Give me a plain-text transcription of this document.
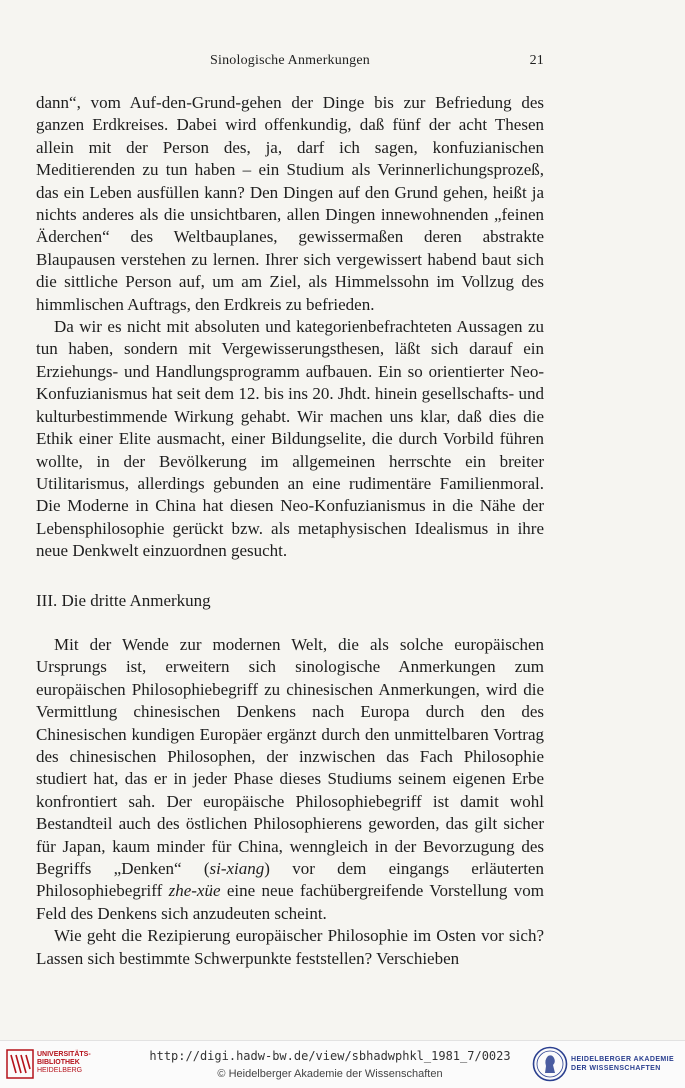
Sinologische Anmerkungen	21

dann“, vom Auf-den-Grund-gehen der Dinge bis zur Befriedung des ganzen Erdkreises. Dabei wird offenkundig, daß fünf der acht Thesen allein mit der Person des, ja, darf ich sagen, konfuzianischen Meditierenden zu tun haben – ein Studium als Verinnerlichungsprozeß, das ein Leben ausfüllen kann? Den Dingen auf den Grund gehen, heißt ja nichts anderes als die unsichtbaren, allen Dingen innewohnenden „feinen Äderchen“ des Weltbauplanes, gewissermaßen deren abstrakte Blaupausen verstehen zu lernen. Ihrer sich vergewissert habend baut sich die sittliche Person auf, um am Ziel, als Himmelssohn im Vollzug des himmlischen Auftrags, den Erdkreis zu befrieden.

Da wir es nicht mit absoluten und kategorienbefrachteten Aussagen zu tun haben, sondern mit Vergewisserungsthesen, läßt sich darauf ein Erziehungs- und Handlungsprogramm aufbauen. Ein so orientierter Neo-Konfuzianismus hat seit dem 12. bis ins 20. Jhdt. hinein gesellschafts- und kulturbestimmende Wirkung gehabt. Wir machen uns klar, daß dies die Ethik einer Elite ausmacht, einer Bildungselite, die durch Vorbild führen wollte, in der Bevölkerung im allgemeinen herrschte ein breiter Utilitarismus, allerdings gebunden an eine rudimentäre Familienmoral. Die Moderne in China hat diesen Neo-Konfuzianismus in die Nähe der Lebensphilosophie gerückt bzw. als metaphysischen Idealismus in ihre neue Denkwelt einzuordnen gesucht.

III. Die dritte Anmerkung

Mit der Wende zur modernen Welt, die als solche europäischen Ursprungs ist, erweitern sich sinologische Anmerkungen zum europäischen Philosophiebegriff zu chinesischen Anmerkungen, wird die Vermittlung chinesischen Denkens nach Europa durch den des Chinesischen kundigen Europäer ergänzt durch den unmittelbaren Vortrag des chinesischen Philosophen, der inzwischen das Fach Philosophie studiert hat, das er in jeder Phase dieses Studiums seinem eigenen Erbe konfrontiert sah. Der europäische Philosophiebegriff ist damit wohl Bestandteil auch des östlichen Philosophierens geworden, das gilt sicher für Japan, kaum minder für China, wenngleich in der Bevorzugung des Begriffs „Denken“ (si-xiang) vor dem eingangs erläuterten Philosophiebegriff zhe-xüe eine neue fachübergreifende Vorstellung vom Feld des Denkens sich anzudeuten scheint.

Wie geht die Rezipierung europäischer Philosophie im Osten vor sich? Lassen sich bestimmte Schwerpunkte feststellen? Verschieben

UNIVERSITÄTS-
BIBLIOTHEK
HEIDELBERG
http://digi.hadw-bw.de/view/sbhadwphkl_1981_7/0023
© Heidelberger Akademie der Wissenschaften
HEIDELBERGER AKADEMIE
DER WISSENSCHAFTEN
